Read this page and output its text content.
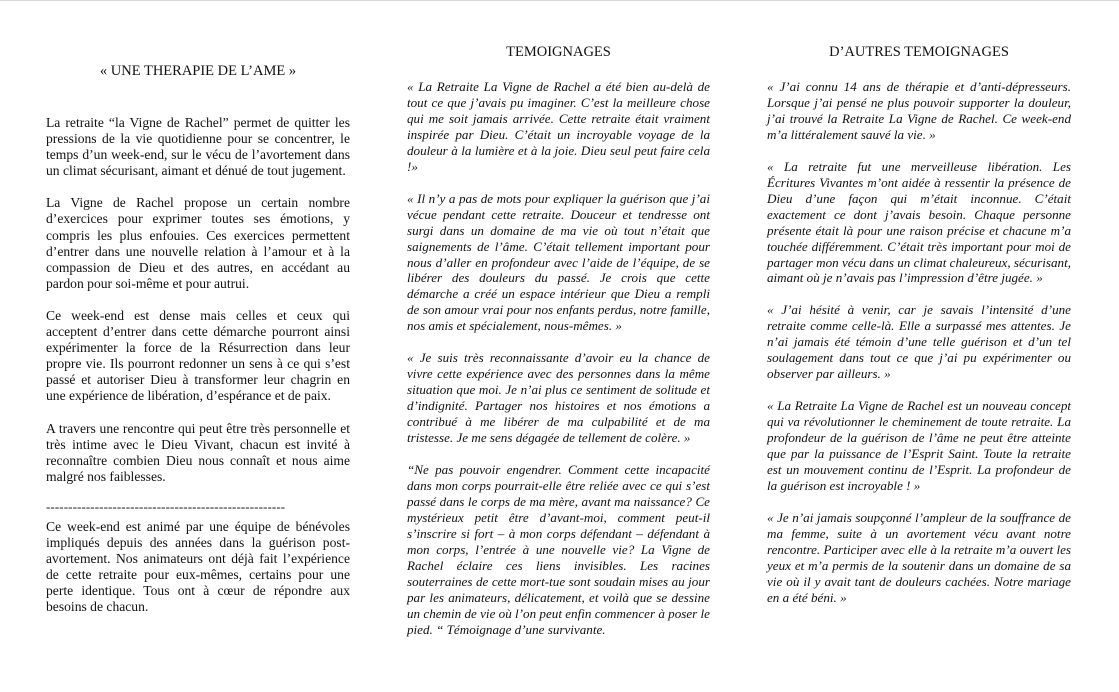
« UNE THERAPIE DE L’AME »

La retraite “la Vigne de Rachel” permet de quitter les pressions de la vie quotidienne pour se concentrer, le temps d’un week-end, sur le vécu de l’avortement dans un climat sécurisant, aimant et dénué de tout jugement.

La Vigne de Rachel propose un certain nombre d’exercices pour exprimer toutes ses émotions, y compris les plus enfouies. Ces exercices permettent d’entrer dans une nouvelle relation à l’amour et à la compassion de Dieu et des autres, en accédant au pardon pour soi-même et pour autrui.

Ce week-end est dense mais celles et ceux qui acceptent d’entrer dans cette démarche pourront ainsi expérimenter la force de la Résurrection dans leur propre vie. Ils pourront redonner un sens à ce qui s’est passé et autoriser Dieu à transformer leur chagrin en une expérience de libération, d’espérance et de paix.

A travers une rencontre qui peut être très personnelle et très intime avec le Dieu Vivant, chacun est invité à reconnaître combien Dieu nous connaît et nous aime malgré nos faiblesses.

------------------------------------------------------

Ce week-end est animé par une équipe de bénévoles impliqués depuis des années dans la guérison post-avortement. Nos animateurs ont déjà fait l’expérience de cette retraite pour eux-mêmes, certains pour une perte identique. Tous ont à cœur de répondre aux besoins de chacun.

TEMOIGNAGES

« La Retraite La Vigne de Rachel a été bien au-delà de tout ce que j’avais pu imaginer. C’est la meilleure chose qui me soit jamais arrivée. Cette retraite était vraiment inspirée par Dieu. C’était un incroyable voyage de la douleur à la lumière et à la joie. Dieu seul peut faire cela !»

« Il n’y a pas de mots pour expliquer la guérison que j’ai vécue pendant cette retraite. Douceur et tendresse ont surgi dans un domaine de ma vie où tout n’était que saignements de l’âme. C’était tellement important pour nous d’aller en profondeur avec l’aide de l’équipe, de se libérer des douleurs du passé. Je crois que cette démarche a créé un espace intérieur que Dieu a rempli de son amour vrai pour nos enfants perdus, notre famille, nos amis et spécialement, nous-mêmes. »

« Je suis très reconnaissante d’avoir eu la chance de vivre cette expérience avec des personnes dans la même situation que moi. Je n’ai plus ce sentiment de solitude et d’indignité. Partager nos histoires et nos émotions a contribué à me libérer de ma culpabilité et de ma tristesse. Je me sens dégagée de tellement de colère. »

“Ne pas pouvoir engendrer. Comment cette incapacité dans mon corps pourrait-elle être reliée avec ce qui s’est passé dans le corps de ma mère, avant ma naissance? Ce mystérieux petit être d’avant-moi, comment peut-il s’inscrire si fort – à mon corps défendant – défendant à mon corps, l’entrée à une nouvelle vie? La Vigne de Rachel éclaire ces liens invisibles. Les racines souterraines de cette mort-tue sont soudain mises au jour par les animateurs, délicatement, et voilà que se dessine un chemin de vie où l’on peut enfin commencer à poser le pied. “ Témoignage d’une survivante.

D’AUTRES TEMOIGNAGES

« J’ai connu 14 ans de thérapie et d’anti-dépresseurs. Lorsque j’ai pensé ne plus pouvoir supporter la douleur, j’ai trouvé la Retraite La Vigne de Rachel. Ce week-end m’a littéralement sauvé la vie. »

« La retraite fut une merveilleuse libération. Les Écritures Vivantes m’ont aidée à ressentir la présence de Dieu d’une façon qui m’était inconnue. C’était exactement ce dont j’avais besoin. Chaque personne présente était là pour une raison précise et chacune m’a touchée différemment. C’était très important pour moi de partager mon vécu dans un climat chaleureux, sécurisant, aimant où je n’avais pas l’impression d’être jugée. »

« J’ai hésité à venir, car je savais l’intensité d’une retraite comme celle-là. Elle a surpassé mes attentes. Je n’ai jamais été témoin d’une telle guérison et d’un tel soulagement dans tout ce que j’ai pu expérimenter ou observer par ailleurs. »

« La Retraite La Vigne de Rachel est un nouveau concept qui va révolutionner le cheminement de toute retraite. La profondeur de la guérison de l’âme ne peut être atteinte que par la puissance de l’Esprit Saint. Toute la retraite est un mouvement continu de l’Esprit. La profondeur de la guérison est incroyable ! »

« Je n’ai jamais soupçonné l’ampleur de la souffrance de ma femme, suite à un avortement vécu avant notre rencontre. Participer avec elle à la retraite m’a ouvert les yeux et m’a permis de la soutenir dans un domaine de sa vie où il y avait tant de douleurs cachées. Notre mariage en a été béni. »
